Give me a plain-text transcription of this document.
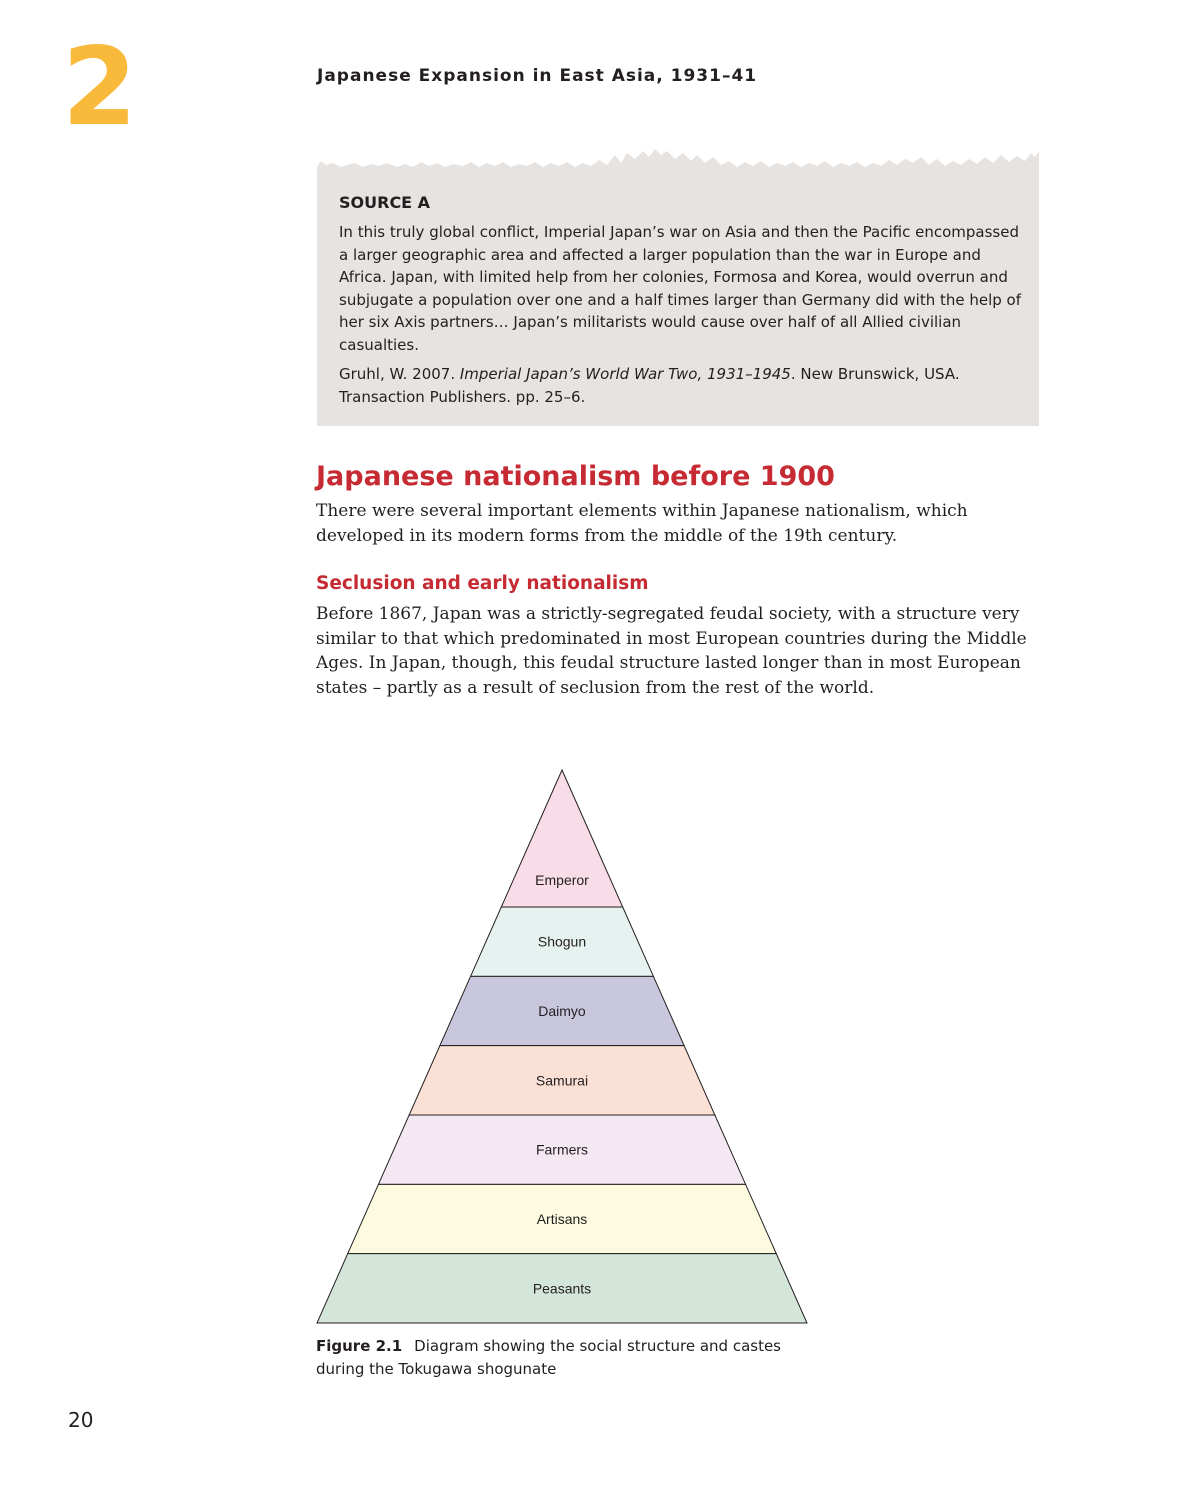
2	Japanese Expansion in East Asia, 1931–41
SOURCE A

In this truly global conflict, Imperial Japan’s war on Asia and then the Pacific encompassed a larger geographic area and affected a larger population than the war in Europe and Africa. Japan, with limited help from her colonies, Formosa and Korea, would overrun and subjugate a population over one and a half times larger than Germany did with the help of her six Axis partners… Japan’s militarists would cause over half of all Allied civilian casualties.

Gruhl, W. 2007. Imperial Japan’s World War Two, 1931–1945. New Brunswick, USA. Transaction Publishers. pp. 25–6.

Japanese nationalism before 1900

There were several important elements within Japanese nationalism, which developed in its modern forms from the middle of the 19th century.

Seclusion and early nationalism

Before 1867, Japan was a strictly-segregated feudal society, with a structure very similar to that which predominated in most European countries during the Middle Ages. In Japan, though, this feudal structure lasted longer than in most European states – partly as a result of seclusion from the rest of the world.

Emperor
Shogun
Daimyo
Samurai
Farmers
Artisans
Peasants

Figure 2.1 Diagram showing the social structure and castes during the Tokugawa shogunate

20
